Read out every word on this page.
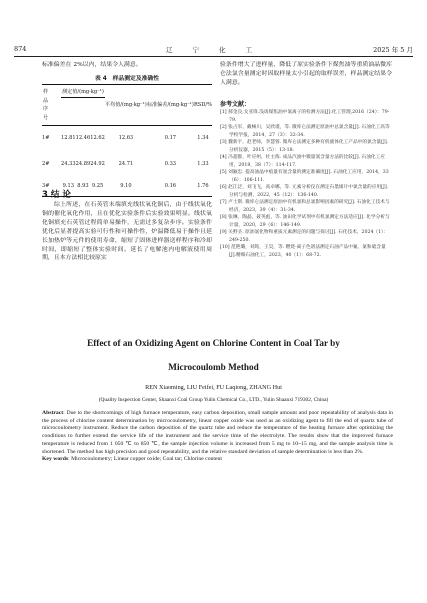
874	辽 宁 化 工	2025 年 5 月
标准偏差在 2%以内，结果令人满意。
表 4　样品测定及准确性
样品序号	测定值/(mg·kg⁻¹)			平均值/(mg·kg⁻¹)	标准偏差/(mg·kg⁻¹)	RSD/%

1#	12.81	12.46	12.62	12.63	0.17	1.34
2#	24.33	24.89	24.92	24.71	0.33	1.33
3#	9.13	8.93	9.25	9.10	0.16	1.76
3 结 论
综上所述，在石英管末端填充线状氧化铜后，由于线状氧化铜的催化氧化作用，且在优化实验条件后实验效果明显。线状氧化铜填充石英管过程简单易操作，无需过多复杂步序。实验条件优化后显著提高实验可行性和可操作性，炉温降低易于操作且延长加热炉等元件的使用寿命，缩短了固体进样器送样程序和冷却时间，即缩短了整体实验时间。延长了电解池内电解液使用周期，且本方法相比较原实
验条件增大了进样量，降低了原实验条件下煤焦油等重质油晶微库仑法氯含量测定时因取样量太小引起的取样误差，样品测定结果令人满意。
参考文献：
[1] 郝金良,戈亚锋.浅谈煤焦油中氯离子的检测方法[J].化工管理,2016（24）：79-79.
[2] 张占军，戴械川，吴欣谨，等. 微库仑法测定原油中总氯含量[J]. 石油化工高等学校学报，2014，27（3）：32-34.
[3] 魏新宇，赵老师，李慧蓉. 微库仑法测定多种有机液体化工产品中的氯含量[J]. 分析仪器，2015（5）：13-18.
[4] 冯超群，叶应州，杜主炼. 成品汽油中微量氯含量方法的比较[J]. 石油化工应用，2019，38（7）：114-117.
[5] 刘颖忠. 提高油晶中痕量有氯含量的测定准确度[J]. 石油化工应用，2014，33（6）：106-111.
[6] 赵江泛，刘飞飞，高卓娜，等. 元素分析仪在测定石墨烯片中氯含量的应用[J]. 分析与检测，2022，45（12）：136-140.
[7] 卢士斯. 微库仑法测定原油中有机氯和总氯影响因素的研究[J]. 石油化工技术与经济，2023，39（4）：31-34.
[8] 张琳，陶晶，聂英彪，等. 油田化学试剂中有机氯测定方法适应[J]. 化学分析与计量，2020，29（6）：146-149.
[9] 关野圣. 原油氯化物和重质元素测定的问题与探讨[J]. 石化技术，2024（1）：249-250.
[10] 范艳璐，刘筠，王昊，等. 燃烧-离子色谱法测定石油产品中氟、氯和硫含量[J].精细石油化工，2023，40（1）：68-72.
Effect of an Oxidizing Agent on Chlorine Content in Coal Tar by
Microcoulomb Method
REN Xiaoming, LIU Feifei, FU Laqiong, ZHANG Hui
(Quality Inspection Center, Shaanxi Coal Group Yulin Chemical Co., LTD., Yulin Shaanxi 719302, China)
Abstract: Due to the shortcomings of high furnace temperature, easy carbon deposition, small sample amount and poor repeatability of analysis data in the process of chlorine content determination by microcoulometry, linear copper oxide was used as an oxidizing agent to fill the end of quartz tube of microcoulometry instrument. Reduce the carbon deposition of the quartz tube and reduce the temperature of the heating furnace after optimizing the conditions to further extend the service life of the instrument and the service time of the electrolyte. The results show that the improved furnace temperature is reduced from 1 050 ℃ to 850 ℃, the sample injection volume is increased from 5 mg to 10~15 mg, and the sample analysis time is shortened. The method has high precision and good repeatability, and the relative standard deviation of sample determination is less than 2%.
Key words: Microcoulometry; Linear copper oxide; Coal tar; Chlorine content
